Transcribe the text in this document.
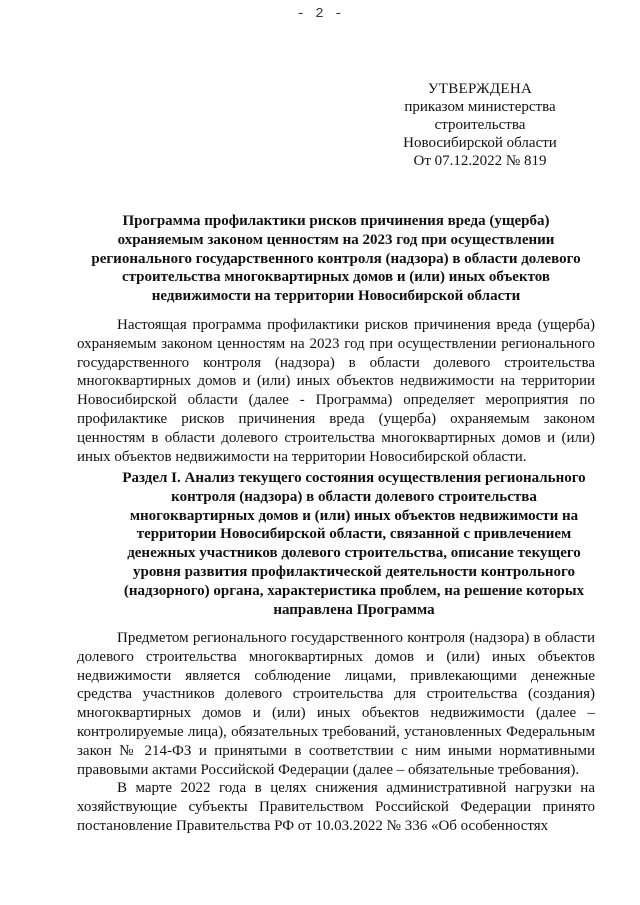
- 2 -
УТВЕРЖДЕНА
приказом министерства
строительства
Новосибирской области
От 07.12.2022 № 819
Программа профилактики рисков причинения вреда (ущерба) охраняемым законом ценностям на 2023 год при осуществлении регионального государственного контроля (надзора) в области долевого строительства многоквартирных домов и (или) иных объектов недвижимости на территории Новосибирской области

Настоящая программа профилактики рисков причинения вреда (ущерба) охраняемым законом ценностям на 2023 год при осуществлении регионального государственного контроля (надзора) в области долевого строительства многоквартирных домов и (или) иных объектов недвижимости на территории Новосибирской области (далее - Программа) определяет мероприятия по профилактике рисков причинения вреда (ущерба) охраняемым законом ценностям в области долевого строительства многоквартирных домов и (или) иных объектов недвижимости на территории Новосибирской области.

Раздел I. Анализ текущего состояния осуществления регионального контроля (надзора) в области долевого строительства многоквартирных домов и (или) иных объектов недвижимости на территории Новосибирской области, связанной с привлечением денежных участников долевого строительства, описание текущего уровня развития профилактической деятельности контрольного (надзорного) органа, характеристика проблем, на решение которых направлена Программа

Предметом регионального государственного контроля (надзора) в области долевого строительства многоквартирных домов и (или) иных объектов недвижимости является соблюдение лицами, привлекающими денежные средства участников долевого строительства для строительства (создания) многоквартирных домов и (или) иных объектов недвижимости (далее – контролируемые лица), обязательных требований, установленных Федеральным закон № 214-ФЗ и принятыми в соответствии с ним иными нормативными правовыми актами Российской Федерации (далее – обязательные требования).

В марте 2022 года в целях снижения административной нагрузки на хозяйствующие субъекты Правительством Российской Федерации принято постановление Правительства РФ от 10.03.2022 № 336 «Об особенностях
